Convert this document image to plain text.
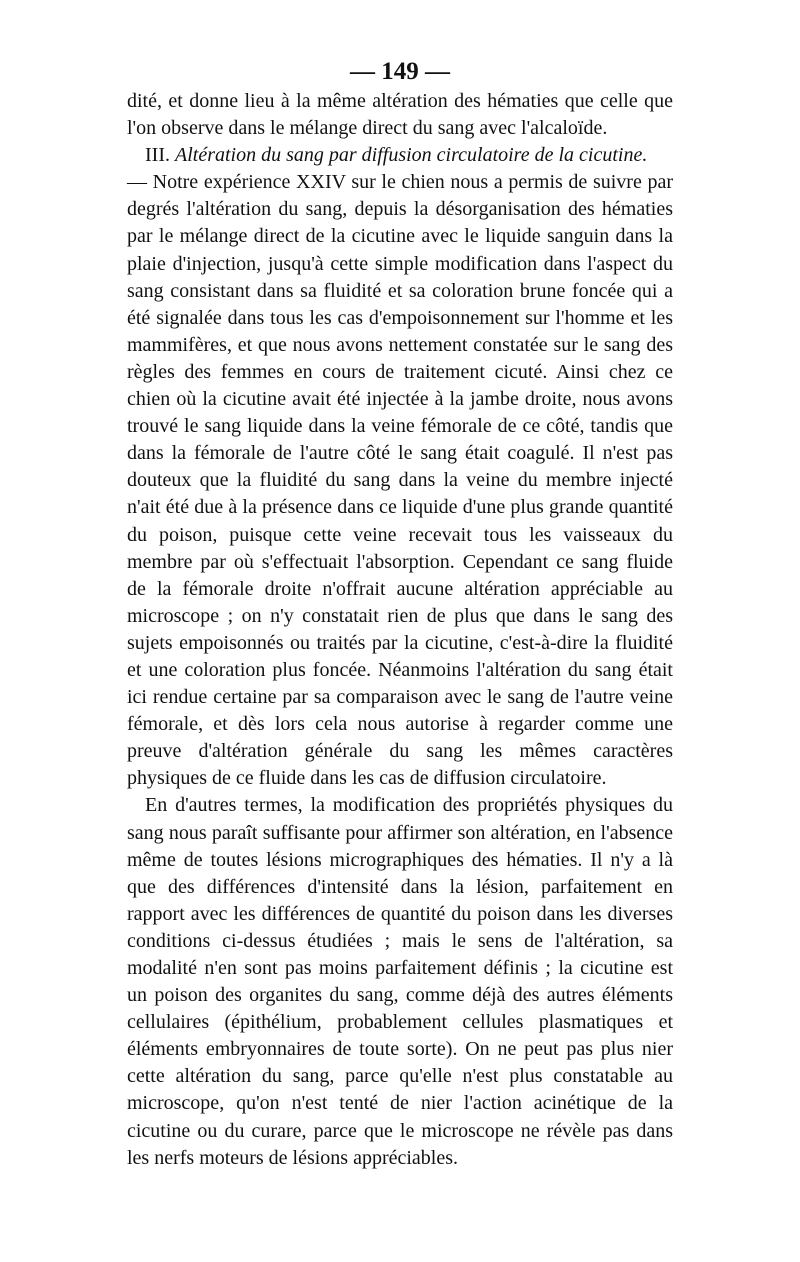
— 149 —

dité, et donne lieu à la même altération des hématies que celle que l'on observe dans le mélange direct du sang avec l'alcaloïde.

III. Altération du sang par diffusion circulatoire de la cicutine.

— Notre expérience XXIV sur le chien nous a permis de suivre par degrés l'altération du sang, depuis la désorganisation des hématies par le mélange direct de la cicutine avec le liquide sanguin dans la plaie d'injection, jusqu'à cette simple modification dans l'aspect du sang consistant dans sa fluidité et sa coloration brune foncée qui a été signalée dans tous les cas d'empoisonnement sur l'homme et les mammifères, et que nous avons nettement constatée sur le sang des règles des femmes en cours de traitement cicuté. Ainsi chez ce chien où la cicutine avait été injectée à la jambe droite, nous avons trouvé le sang liquide dans la veine fémorale de ce côté, tandis que dans la fémorale de l'autre côté le sang était coagulé. Il n'est pas douteux que la fluidité du sang dans la veine du membre injecté n'ait été due à la présence dans ce liquide d'une plus grande quantité du poison, puisque cette veine recevait tous les vaisseaux du membre par où s'effectuait l'absorption. Cependant ce sang fluide de la fémorale droite n'offrait aucune altération appréciable au microscope ; on n'y constatait rien de plus que dans le sang des sujets empoisonnés ou traités par la cicutine, c'est-à-dire la fluidité et une coloration plus foncée. Néanmoins l'altération du sang était ici rendue certaine par sa comparaison avec le sang de l'autre veine fémorale, et dès lors cela nous autorise à regarder comme une preuve d'altération générale du sang les mêmes caractères physiques de ce fluide dans les cas de diffusion circulatoire.

En d'autres termes, la modification des propriétés physiques du sang nous paraît suffisante pour affirmer son altération, en l'absence même de toutes lésions micrographiques des hématies. Il n'y a là que des différences d'intensité dans la lésion, parfaitement en rapport avec les différences de quantité du poison dans les diverses conditions ci-dessus étudiées ; mais le sens de l'altération, sa modalité n'en sont pas moins parfaitement définis ; la cicutine est un poison des organites du sang, comme déjà des autres éléments cellulaires (épithélium, probablement cellules plasmatiques et éléments embryonnaires de toute sorte). On ne peut pas plus nier cette altération du sang, parce qu'elle n'est plus constatable au microscope, qu'on n'est tenté de nier l'action acinétique de la cicutine ou du curare, parce que le microscope ne révèle pas dans les nerfs moteurs de lésions appréciables.
